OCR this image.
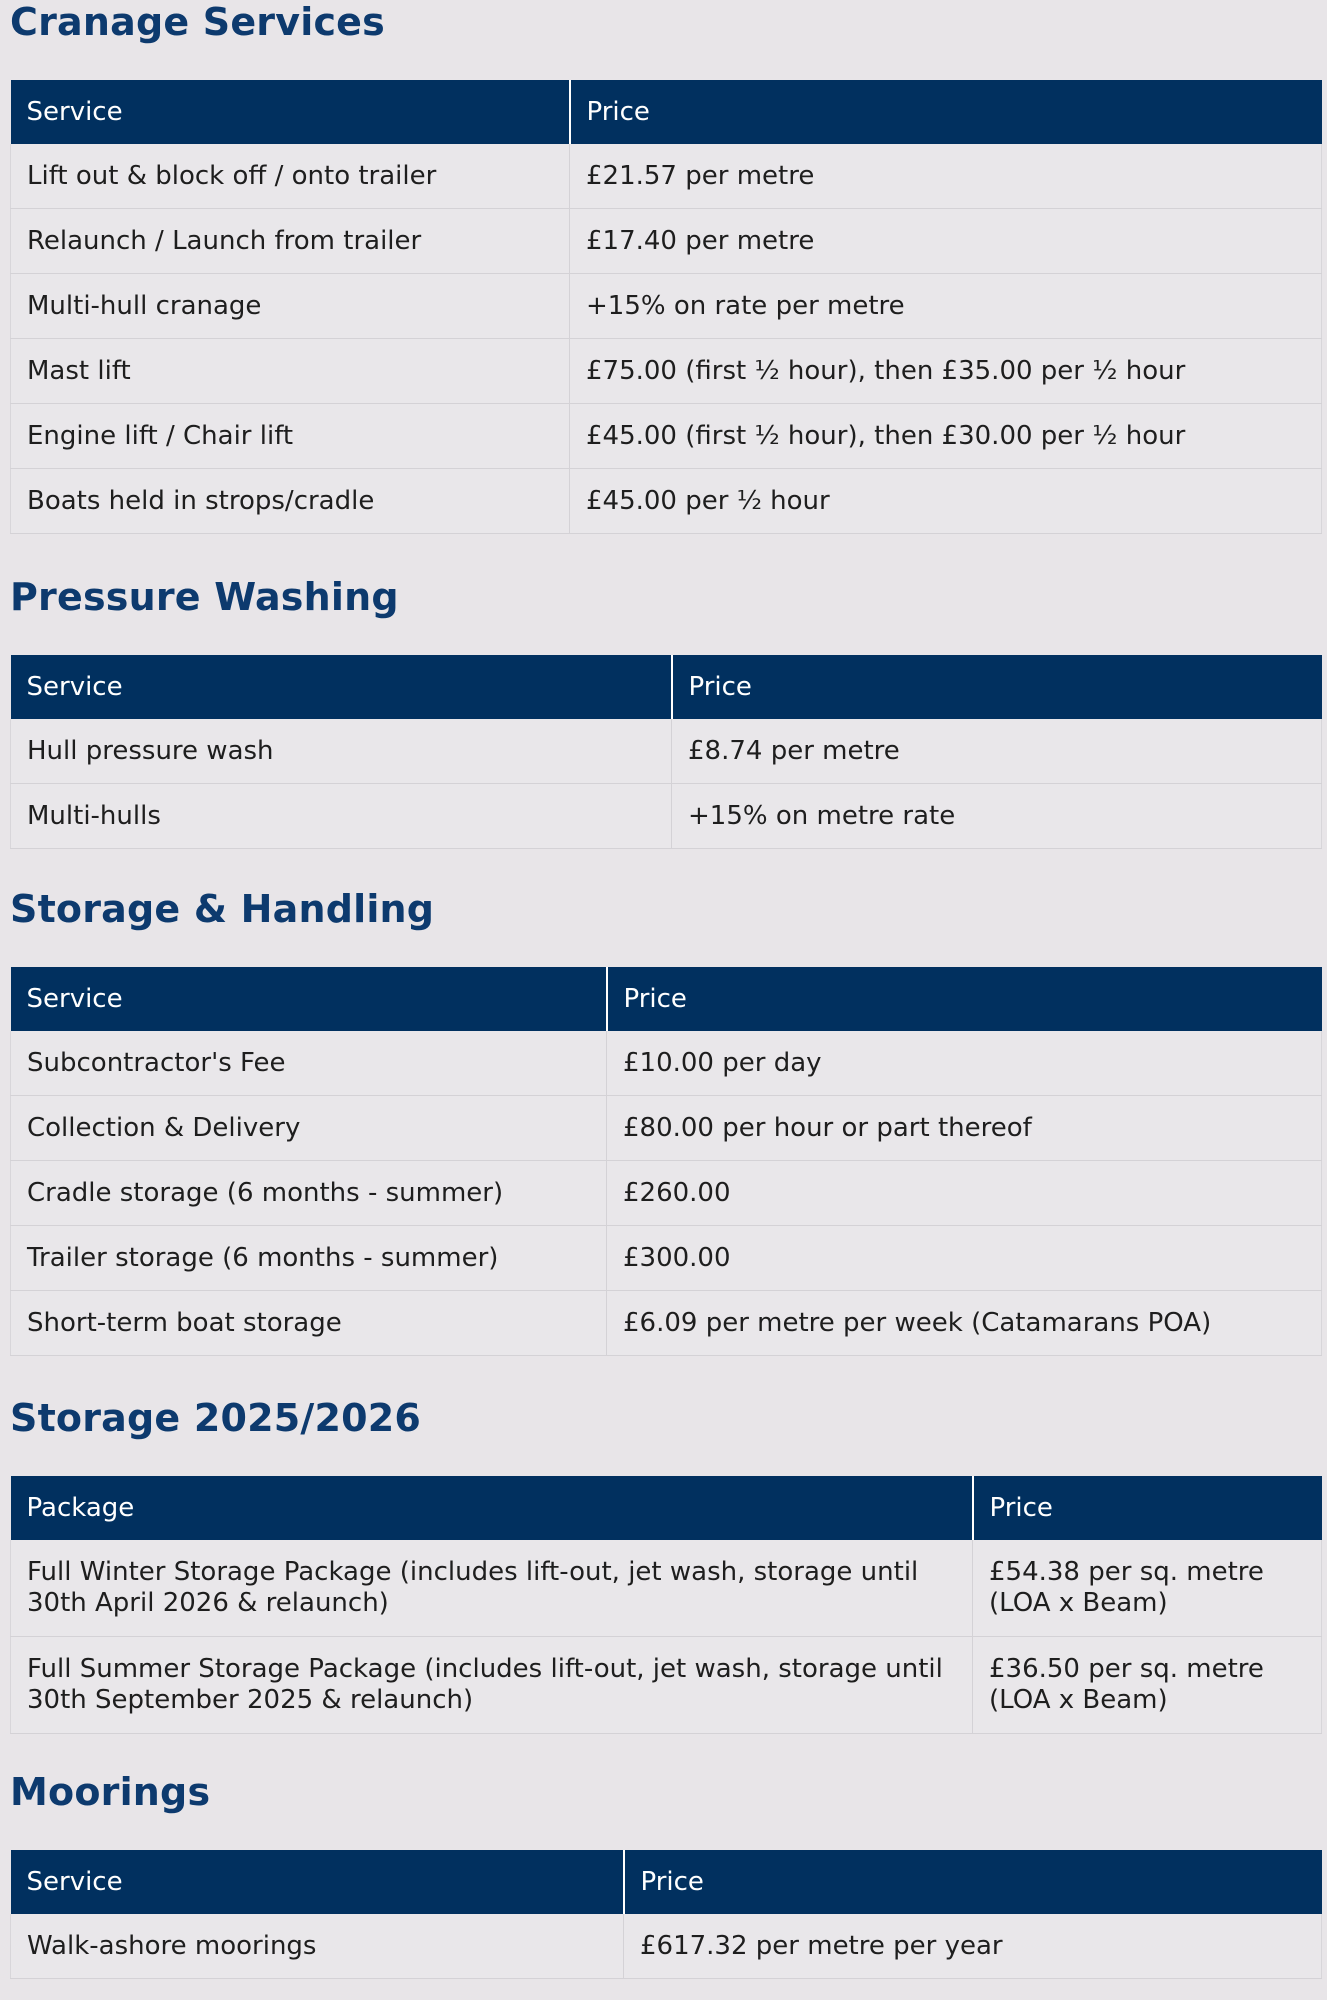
Cranage Services
Service	Price
Lift out & block off / onto trailer	£21.57 per metre
Relaunch / Launch from trailer	£17.40 per metre
Multi-hull cranage	+15% on rate per metre
Mast lift	£75.00 (first ½ hour), then £35.00 per ½ hour
Engine lift / Chair lift	£45.00 (first ½ hour), then £30.00 per ½ hour
Boats held in strops/cradle	£45.00 per ½ hour
Pressure Washing
Service	Price
Hull pressure wash	£8.74 per metre
Multi-hulls	+15% on metre rate
Storage & Handling
Service	Price
Subcontractor's Fee	£10.00 per day
Collection & Delivery	£80.00 per hour or part thereof
Cradle storage (6 months - summer)	£260.00
Trailer storage (6 months - summer)	£300.00
Short-term boat storage	£6.09 per metre per week (Catamarans POA)
Storage 2025/2026
Package	Price
Full Winter Storage Package (includes lift-out, jet wash, storage until 30th April 2026 & relaunch)	£54.38 per sq. metre (LOA x Beam)
Full Summer Storage Package (includes lift-out, jet wash, storage until 30th September 2025 & relaunch)	£36.50 per sq. metre (LOA x Beam)
Moorings
Service	Price
Walk-ashore moorings	£617.32 per metre per year
